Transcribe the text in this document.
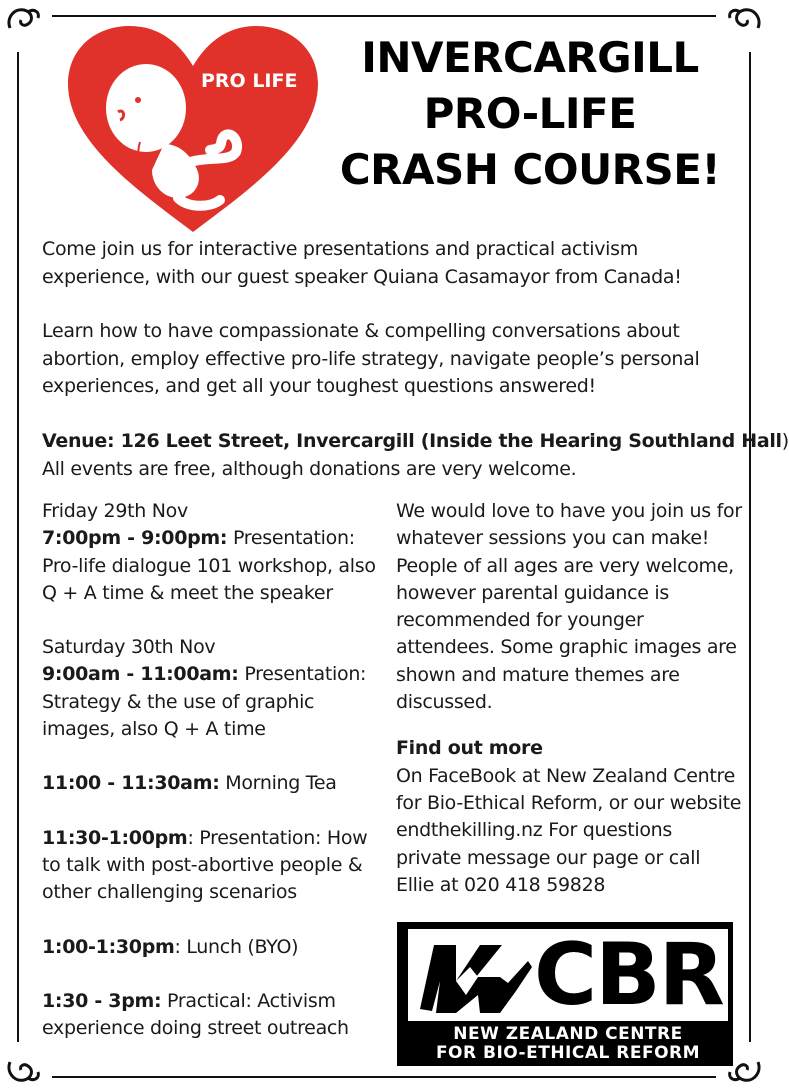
PRO LIFE	INVERCARGILL
PRO-LIFE
CRASH COURSE!

Come join us for interactive presentations and practical activism experience, with our guest speaker Quiana Casamayor from Canada!

Learn how to have compassionate & compelling conversations about abortion, employ effective pro-life strategy, navigate people’s personal experiences, and get all your toughest questions answered!

Venue: 126 Leet Street, Invercargill (Inside the Hearing Southland Hall)
All events are free, although donations are very welcome.
Friday 29th Nov
7:00pm - 9:00pm: Presentation: Pro-life dialogue 101 workshop, also Q + A time & meet the speaker
Saturday 30th Nov
9:00am - 11:00am: Presentation: Strategy & the use of graphic images, also Q + A time
11:00 - 11:30am: Morning Tea
11:30-1:00pm: Presentation: How to talk with post-abortive people & other challenging scenarios
1:00-1:30pm: Lunch (BYO)
1:30 - 3pm: Practical: Activism experience doing street outreach
We would love to have you join us for whatever sessions you can make! People of all ages are very welcome, however parental guidance is recommended for younger attendees. Some graphic images are shown and mature themes are discussed.
Find out more
On FaceBook at New Zealand Centre for Bio-Ethical Reform, or our website endthekilling.nz For questions private message our page or call Ellie at 020 418 59828
CBR
NEW ZEALAND CENTRE
FOR BIO-ETHICAL REFORM
